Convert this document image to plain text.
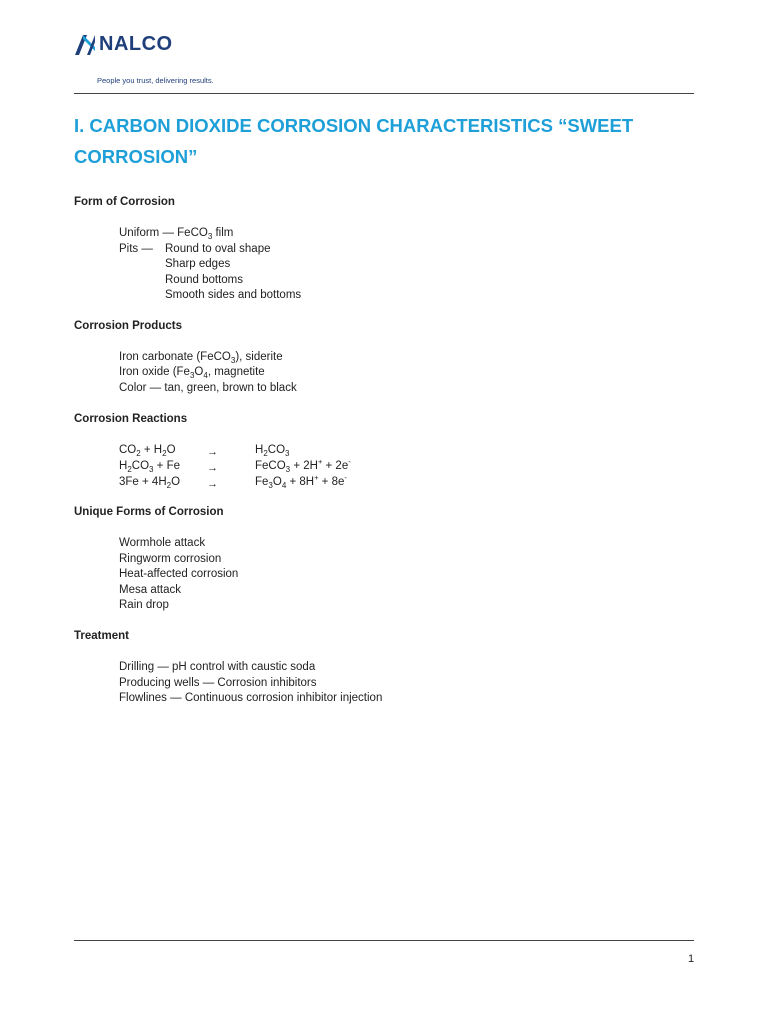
NALCO
People you trust, delivering results.
I. CARBON DIOXIDE CORROSION CHARACTERISTICS “SWEET CORROSION”
Form of Corrosion
Uniform — FeCO$_3$ film
Pits — Round to oval shape
Sharp edges
Round bottoms
Smooth sides and bottoms
Corrosion Products
Iron carbonate (FeCO$_3$), siderite
Iron oxide ($Fe_3O_4$, magnetite
Color — tan, green, brown to black
Corrosion Reactions
$CO_2 + H_2O$	→	$H_2CO_3$
$H_2CO_3 + Fe$ →	FeCO$_3$ + 2H+ + 2e-
$3Fe + 4H_2O$ →	$Fe_3O_4 + 8H^+ + 8e^-$
Unique Forms of Corrosion
Wormhole attack
Ringworm corrosion
Heat-affected corrosion
Mesa attack
Rain drop
Treatment
Drilling — pH control with caustic soda
Producing wells — Corrosion inhibitors
Flowlines — Continuous corrosion inhibitor injection
1
